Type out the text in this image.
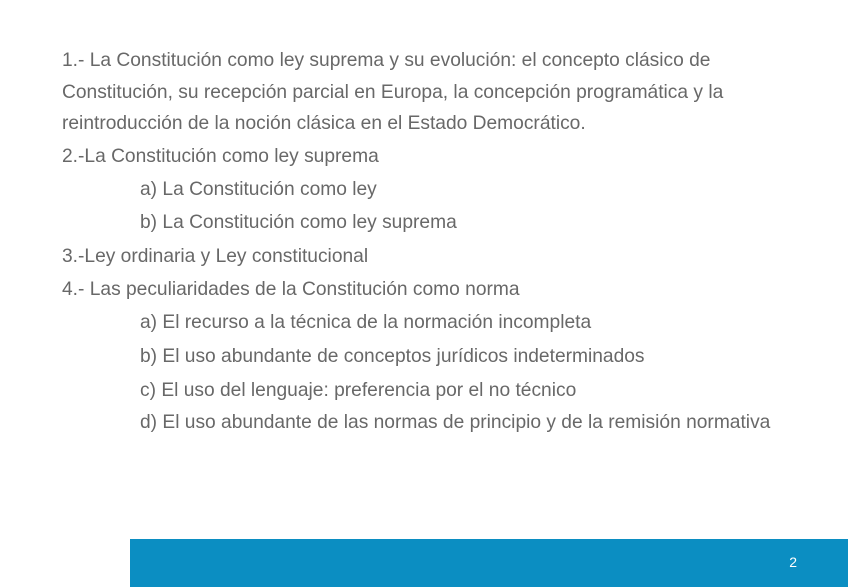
1.- La Constitución como ley suprema y su evolución: el concepto clásico de Constitución, su recepción parcial en Europa, la concepción programática y la reintroducción de la noción clásica en el Estado Democrático.
2.-La Constitución como ley suprema
a) La Constitución como ley
b) La Constitución como ley suprema
3.-Ley ordinaria y Ley constitucional
4.- Las peculiaridades de la Constitución como norma
a) El recurso a la técnica de la normación incompleta
b) El uso abundante de conceptos jurídicos indeterminados
c) El uso del lenguaje: preferencia por el no técnico
d) El uso abundante de las normas de principio y de la remisión normativa
2
